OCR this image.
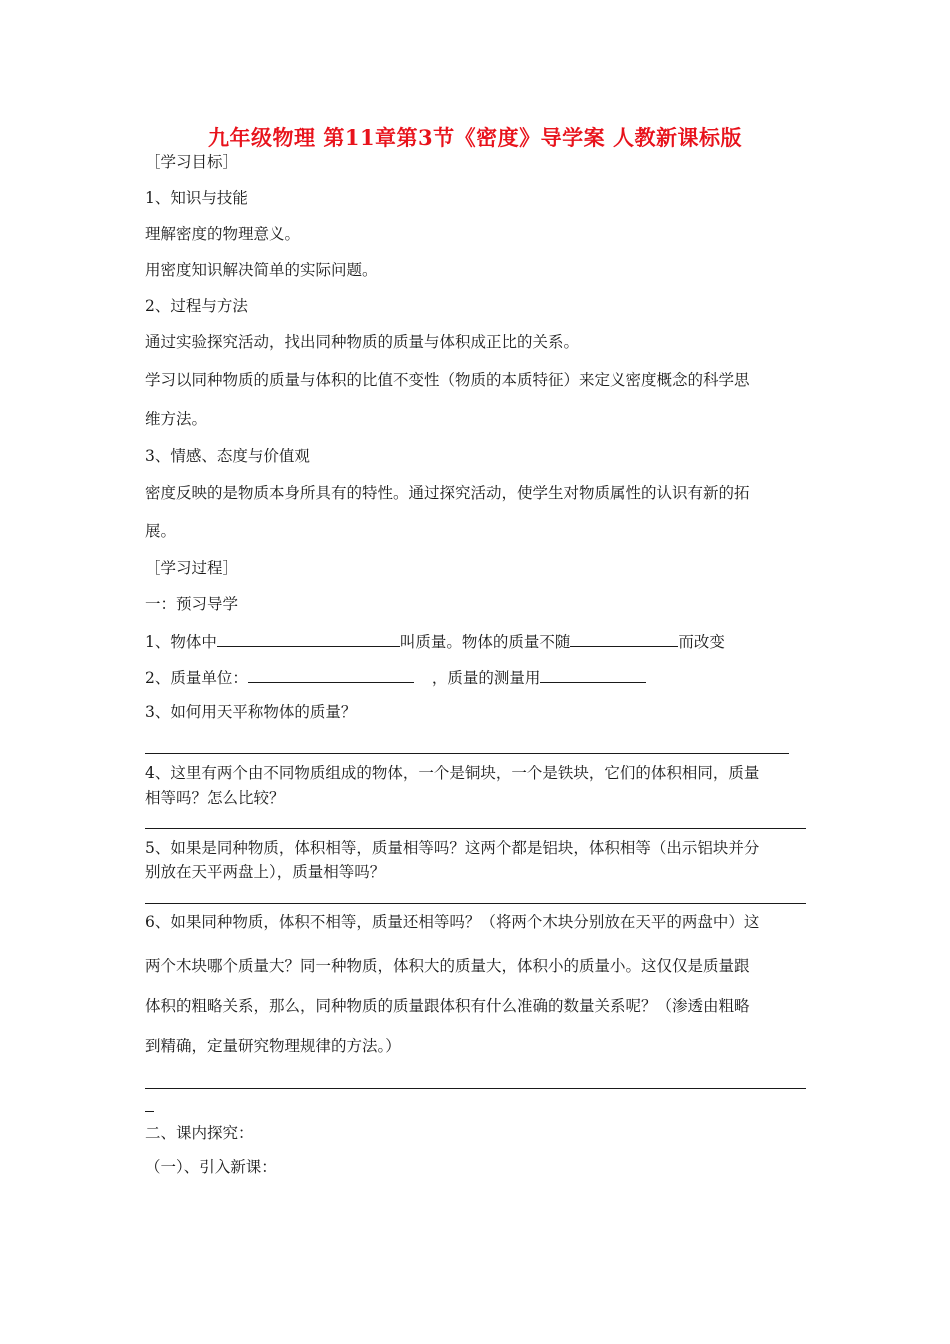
九年级物理 第11章第3节《密度》导学案 人教新课标版
［学习目标］
1、知识与技能
理解密度的物理意义。
用密度知识解决简单的实际问题。
2、过程与方法
通过实验探究活动，找出同种物质的质量与体积成正比的关系。
学习以同种物质的质量与体积的比值不变性（物质的本质特征）来定义密度概念的科学思
维方法。
3、情感、态度与价值观
密度反映的是物质本身所具有的特性。通过探究活动，使学生对物质属性的认识有新的拓
展。
［学习过程］
一：预习导学
1、物体中	叫质量。物体的质量不随	而改变
2、质量单位：	，质量的测量用
3、如何用天平称物体的质量？
4、这里有两个由不同物质组成的物体，一个是铜块，一个是铁块，它们的体积相同，质量
相等吗？怎么比较？
5、如果是同种物质，体积相等，质量相等吗？这两个都是铝块，体积相等（出示铝块并分
别放在天平两盘上），质量相等吗？
6、如果同种物质，体积不相等，质量还相等吗？（将两个木块分别放在天平的两盘中）这
两个木块哪个质量大？同一种物质，体积大的质量大，体积小的质量小。这仅仅是质量跟
体积的粗略关系，那么，同种物质的质量跟体积有什么准确的数量关系呢？（渗透由粗略
到精确，定量研究物理规律的方法。）
二、课内探究：
（一）、引入新课：
